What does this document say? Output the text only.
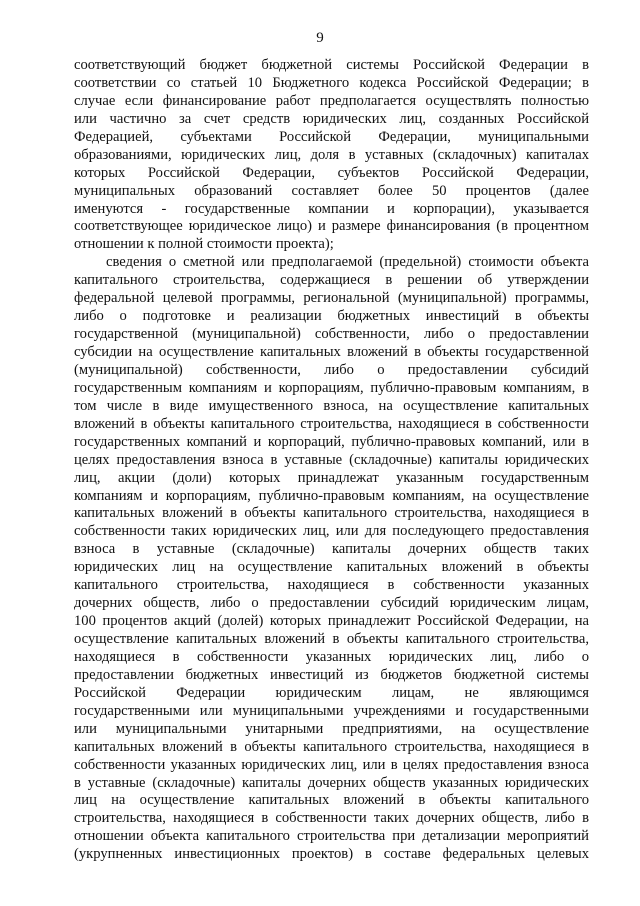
9
соответствующий бюджет бюджетной системы Российской Федерации в
соответствии со статьей 10 Бюджетного кодекса Российской Федерации; в
случае если финансирование работ предполагается осуществлять полностью
или частично за счет средств юридических лиц, созданных Российской
Федерацией, субъектами Российской Федерации, муниципальными
образованиями, юридических лиц, доля в уставных (складочных) капиталах
которых Российской Федерации, субъектов Российской Федерации,
муниципальных образований составляет более 50 процентов (далее
именуются - государственные компании и корпорации), указывается
соответствующее юридическое лицо) и размере финансирования (в процентном
отношении к полной стоимости проекта);
сведения о сметной или предполагаемой (предельной) стоимости объекта
капитального строительства, содержащиеся в решении об утверждении
федеральной целевой программы, региональной (муниципальной) программы,
либо о подготовке и реализации бюджетных инвестиций в объекты
государственной (муниципальной) собственности, либо о предоставлении
субсидии на осуществление капитальных вложений в объекты государственной
(муниципальной) собственности, либо о предоставлении субсидий
государственным компаниям и корпорациям, публично-правовым компаниям, в
том числе в виде имущественного взноса, на осуществление капитальных
вложений в объекты капитального строительства, находящиеся в собственности
государственных компаний и корпораций, публично-правовых компаний, или в
целях предоставления взноса в уставные (складочные) капиталы юридических
лиц, акции (доли) которых принадлежат указанным государственным
компаниям и корпорациям, публично-правовым компаниям, на осуществление
капитальных вложений в объекты капитального строительства, находящиеся в
собственности таких юридических лиц, или для последующего предоставления
взноса в уставные (складочные) капиталы дочерних обществ таких
юридических лиц на осуществление капитальных вложений в объекты
капитального строительства, находящиеся в собственности указанных
дочерних обществ, либо о предоставлении субсидий юридическим лицам,
100 процентов акций (долей) которых принадлежит Российской Федерации, на
осуществление капитальных вложений в объекты капитального строительства,
находящиеся в собственности указанных юридических лиц, либо о
предоставлении бюджетных инвестиций из бюджетов бюджетной системы
Российской Федерации юридическим лицам, не являющимся
государственными или муниципальными учреждениями и государственными
или муниципальными унитарными предприятиями, на осуществление
капитальных вложений в объекты капитального строительства, находящиеся в
собственности указанных юридических лиц, или в целях предоставления взноса
в уставные (складочные) капиталы дочерних обществ указанных юридических
лиц на осуществление капитальных вложений в объекты капитального
строительства, находящиеся в собственности таких дочерних обществ, либо в
отношении объекта капитального строительства при детализации мероприятий
(укрупненных инвестиционных проектов) в составе федеральных целевых
